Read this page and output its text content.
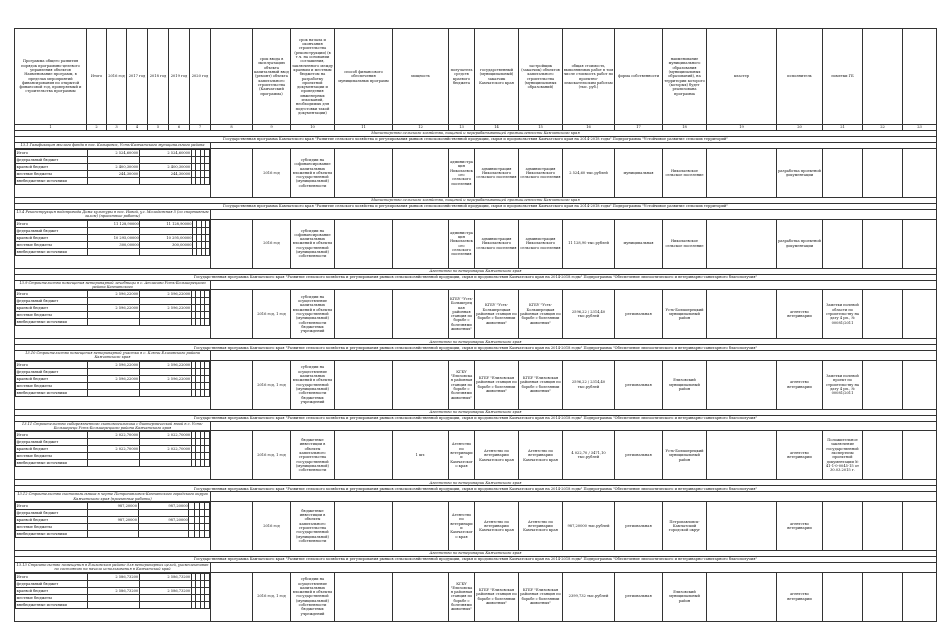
Программа общего развития порядок программно-целевого управления объектов Наименование программ, в пределах мероприятий финансирования по открытой финансовой год, проверяемый и строительства программы	Итого	2016 год	2017 год	2018 год	2019 год	2020 год		срок ввода в эксплуатацию объекта капитальный ввод (ремонт) объекта капитального строительства (Камчатский программа)	срок начала и окончания строительства (реконструкции) (в т.ч. на основании соглашения, заключенного между краевым и местным бюджетом на разработку проектной документации и проведения инженерных изысканий, необходимых для подготовки такой документации)	способ финансового обеспечения муниципальных программ	мощность	получатель средств краевого бюджета	государственный (муниципальный) заказчик Камчатского края	застройщик (заказчик) объектов капитального строительства (муниципальных образований)	общая стоимость, выполняемых работ в том числе стоимость работ по проектно-изыскательским работам (тыс. руб.)	форма собственности	наименование муниципального образования (муниципальных образований), на территории которого (которых) будет реализована программа	кластер	исполнитель	пометки ГБ		
1	2	3	4	5	6	7	8	9	10	11	12	13	14	15	16	17	18	19	20	21	22	23
Министерство сельского хозяйства, пищевой и перерабатывающей промышленности Камчатского края
Государственная программа Камчатского края "Развитие сельского хозяйства и регулирования рынков сельскохозяйственной продукции, сырья и продовольствия Камчатского края на 2014-2018 годы" Подпрограмма "Устойчивое развитие сельских территорий"
13.1 Газификация жилого фонда в пос. Козыревск, Усть-Камчатского муниципального района	

Итого	2 524,60000	2 524,60000				
федеральный бюджет						
краевой бюджет	2 400,30000	2 400,30000				
местные бюджеты	244,30000	244,30000				
внебюджетные источники						
		2016 год	субсидии на софинансирование капитальных вложений в объекты государственной (муниципальной) собственности			администрация Николаевского сельского поселения	администрация Николаевского сельского поселения	администрация Николаевского сельского поселения	2 524,60 тыс.рублей	муниципальная	Николаевское сельское поселение		разработка проектной документации			
Министерство сельского хозяйства, пищевой и перерабатывающей промышленности Камчатского края
Государственная программа Камчатского края "Развитие сельского хозяйства и регулирования рынков сельскохозяйственной продукции, сырья и продовольствия Камчатского края на 2014-2018 годы" Подпрограмма "Устойчивое развитие сельских территорий"
13.4 Реконструкция водопровода Дома культуры в пос. Новой, ул. Молодежная 5 (со спортивным залом) (проектные работы)	

Итого	11 128,90000	11 128,90000				
федеральный бюджет						
краевой бюджет	10 295,00000	10 295,00000				
местные бюджеты	300,00000	300,00000				
внебюджетные источники						
		2016 год	субсидии на софинансирование капитальных вложений в объекты государственной (муниципальной) собственности			администрация Николаевского сельского поселения	администрация Николаевского сельского поселения	администрация Николаевского сельского поселения	11 128,90 тыс.рублей	муниципальная	Николаевское сельское поселение		разработка проектной документации			
Агентство по ветеринарии Камчатского края
Государственная программа Камчатского края "Развитие сельского хозяйства и регулирования рынков сельскохозяйственной продукции, сырья и продовольствия Камчатского края на 2014-2018 годы" Подпрограмма "Обеспечение эпизоотического и ветеринарно-санитарного благополучия"
13.9 Строительство помещения ветеринарной лечебницы в с. Атласово Усть-Большерецкого района Камчатского	

Итого	2 596,22000	2 596,22000				
федеральный бюджет						
краевой бюджет	2 596,22000	2 596,22000				
местные бюджеты						
внебюджетные источники						
		2016 год, 1 год	субсидии на осуществление капитальных вложений в объекты государственной (муниципальной) собственности бюджетных учреждений			КГБУ "Усть-Большерецкая районная станция по борьбе с болезнями животных"	КГБУ "Усть-Большерецкая районная станция по борьбе с болезнями животных"	КГБУ "Усть-Большерецкая районная станция по борьбе с болезнями животных"	2596,22 / 2314,40 тыс.рублей	региональная	Усть-Большерецкий муниципальный район		агентство ветеринарии	Заметки полевой области по строительству на дату 4 рп., № 00081/2011		
Агентство по ветеринарии Камчатского края
Государственная программа Камчатского края "Развитие сельского хозяйства и регулирования рынков сельскохозяйственной продукции, сырья и продовольствия Камчатского края на 2014-2018 годы" Подпрограмма "Обеспечение эпизоотического и ветеринарно-санитарного благополучия"
13.10 Строительство помещения ветеринарной участка в с. Ключи Елизовского района Камчатского края	

Итого	2 596,22000	2 596,22000				
федеральный бюджет						
краевой бюджет	2 596,22000	2 596,22000				
местные бюджеты						
внебюджетные источники						
		2016 год, 1 год	субсидии на осуществление капитальных вложений в объекты государственной (муниципальной) собственности бюджетных учреждений			КГБУ "Елизовская районная станция по борьбе с болезнями животных"	КГБУ "Елизовская районная станция по борьбе с болезнями животных"	КГБУ "Елизовская районная станция по борьбе с болезнями животных"	2596,22 / 2314,40 тыс.рублей	региональная	Елизовский муниципальный район		агентство ветеринарии	Заметки полевой проект по строительству на дату 4 рп., № 00081/2011		
Агентство по ветеринарии Камчатского края
Государственная программа Камчатского края "Развитие сельского хозяйства и регулирования рынков сельскохозяйственной продукции, сырья и продовольствия Камчатского края на 2014-2018 годы" Подпрограмма "Обеспечение эпизоотического и ветеринарно-санитарного благополучия"
13.11 Строительство сибиреязвенного скотомогильника с биотермической ямой в с. Усть-Большерецк Усть-Большерецкого района Камчатского края	

Итого	2 022,70000	2 022,70000				
федеральный бюджет						
краевой бюджет	2 022,70000	2 022,70000				
местные бюджеты						
внебюджетные источники						
		2016 год, 1 год	бюджетные инвестиции в объекты капитального строительства государственной (муниципальной) собственности		1 шт.	Агентство по ветеринарии Камчатского края	Агентство по ветеринарии Камчатского края	Агентство по ветеринарии Камчатского края	4 022,70 / 3471,10 тыс.рублей	региональная	Усть-Большерецкий муниципальный район		агентство ветеринарии	Положительное заключение государственной экспертизы проектной документации № 41-1-0-0045-15 от 30.03.2015 г.		
Агентство по ветеринарии Камчатского края
Государственная программа Камчатского края "Развитие сельского хозяйства и регулирования рынков сельскохозяйственной продукции, сырья и продовольствия Камчатского края на 2014-2018 годы" Подпрограмма "Обеспечение эпизоотического и ветеринарно-санитарного благополучия"
13.12 Строительство скотомогильника в черте Петропавловск-Камчатского городского округа Камчатского края (проектные работы)	

Итого	987,20000	987,20000				
федеральный бюджет						
краевой бюджет	987,20000	987,20000				
местные бюджеты						
внебюджетные источники						
		2016 год	бюджетные инвестиции в объекты капитального строительства государственной (муниципальной) собственности			Агентство по ветеринарии Камчатского края	Агентство по ветеринарии Камчатского края	Агентство по ветеринарии Камчатского края	987,20000 тыс.рублей	региональная	Петропавловск-Камчатский городской округ		агентство ветеринарии			
Агентство по ветеринарии Камчатского края
Государственная программа Камчатского края "Развитие сельского хозяйства и регулирования рынков сельскохозяйственной продукции, сырья и продовольствия Камчатского края на 2014-2018 годы" Подпрограмма "Обеспечение эпизоотического и ветеринарно-санитарного благополучия"
13.13 Строительство помещения в Елизовском районе для ветеринарных целей, укомплектован по состоянию на начало использования в Камчатский край	

Итого	2 586,73200	2 586,73200				
федеральный бюджет						
краевой бюджет	2 586,73200	2 586,73200				
местные бюджеты						
внебюджетные источники						
		2016 год, 1 год	субсидии на осуществление капитальных вложений в объекты государственной (муниципальной) собственности бюджетных учреждений			КГБУ "Елизовская районная станция по борьбе с болезнями животных"	КГБУ "Елизовская районная станция по борьбе с болезнями животных"	КГБУ "Елизовская районная станция по борьбе с болезнями животных"	2399,732 тыс.рублей	региональная	Елизовский муниципальный район		агентство ветеринарии			
